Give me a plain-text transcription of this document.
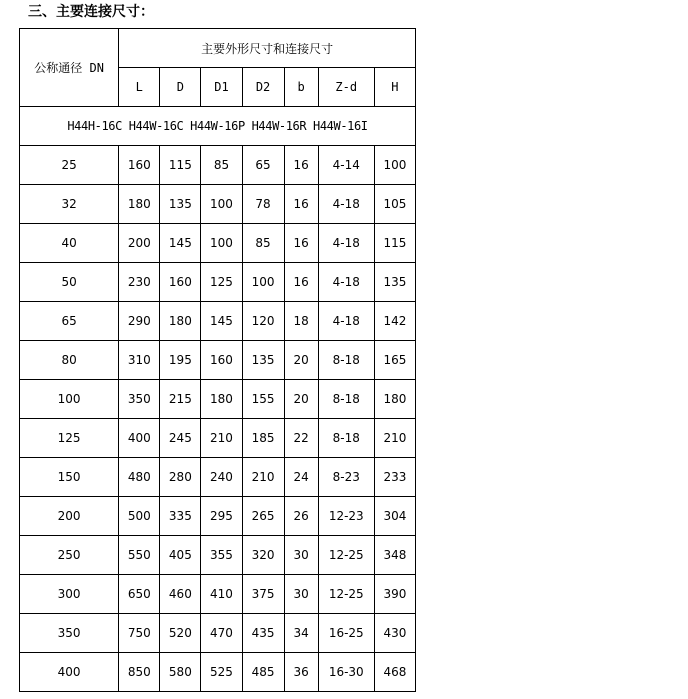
三、主要连接尺寸：
公称通径 DN	主要外形尺寸和连接尺寸						
	L	D	D1	D2	b	Z-d	H
H44H-16C H44W-16C H44W-16P H44W-16R H44W-16I							
25	160	115	85	65	16	4-14	100
32	180	135	100	78	16	4-18	105
40	200	145	100	85	16	4-18	115
50	230	160	125	100	16	4-18	135
65	290	180	145	120	18	4-18	142
80	310	195	160	135	20	8-18	165
100	350	215	180	155	20	8-18	180
125	400	245	210	185	22	8-18	210
150	480	280	240	210	24	8-23	233
200	500	335	295	265	26	12-23	304
250	550	405	355	320	30	12-25	348
300	650	460	410	375	30	12-25	390
350	750	520	470	435	34	16-25	430
400	850	580	525	485	36	16-30	468
